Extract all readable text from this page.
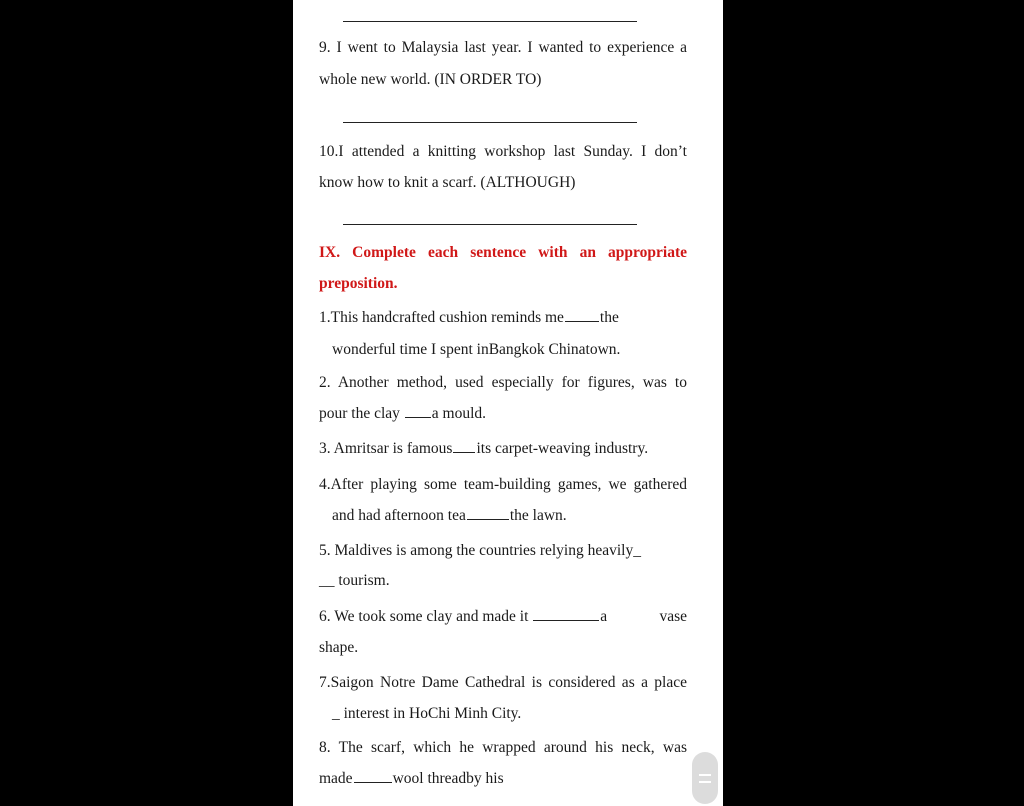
9. I went to Malaysia last year. I wanted to experience a

whole new world. (IN ORDER TO)

10.I attended a knitting workshop last Sunday. I don’t

know how to knit a scarf. (ALTHOUGH)

IX. Complete each sentence with an appropriate

preposition.

1.This handcrafted cushion reminds me the

wonderful time I spent inBangkok Chinatown.

2. Another method, used especially for figures, was to

pour the clay a mould.

3. Amritsar is famous its carpet-weaving industry.

4.After playing some team-building games, we gathered

and had afternoon tea	the lawn.

5. Maldives is among the countries relying heavily_

__ tourism.

6. We took some clay and made it	a	vase

shape.

7.Saigon Notre Dame Cathedral is considered as a place

_ interest in HoChi Minh City.

8. The scarf, which he wrapped around his neck, was

made	wool threadby his
